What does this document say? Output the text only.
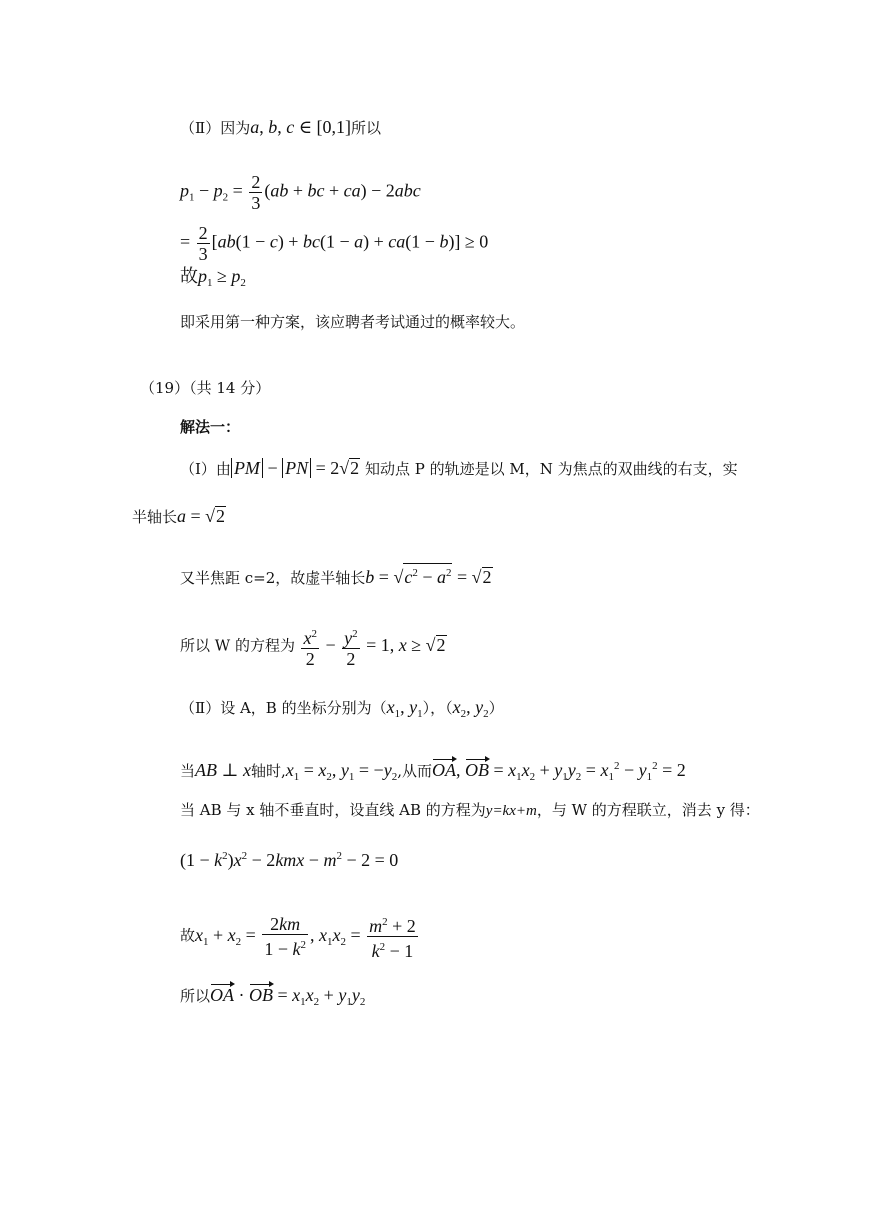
（Ⅱ）因为a, b, c ∈ [0,1]所以
$p_1 - p_2 = \frac{2}{3} (ab$ + bc + ca) − 2abc
= $\frac{2}{3} [ab(1 - c) + bc(1 - a) + ca(1 - b)] \ge 0$
故$p_1 \ge p_2$
即采用第一种方案，该应聘者考试通过的概率较大。
（19）（共 14 分）
解法一：
（Ⅰ）由 PM − PN = 2√2 知动点 P 的轨迹是以 M，N 为焦点的双曲线的右支，实
半轴长a = √2
又半焦距 c=2，故虚半轴长$b = √c^2 - a^2 = √2$
所以 W 的方程为 $\frac{x^2}{2} - \frac{y^2}{2} = 1$, x ≥ √2
（Ⅱ）设 A，B 的坐标分别为（$x_1$, $y_1$），（$x_2$, $y_2$）
当AB ⊥ x轴时$,x_1 = x_2$, $y_1 = -y_2$,从而OA, OB = $x_1x_2 + y_1y_2 = x_1^2 - y_1^2 = 2$
当 AB 与 x 轴不垂直时，设直线 AB 的方程为y=kx+m，与 W 的方程联立，消去 y 得：
$(1 - k^2)x^2 - 2kmx - m^2 - 2 = 0$
故$x_1 + x_2 = \frac{2km}{1 - k^2}$ , $x_1x_2 = \frac{m^2 + 2}{k^2 - 1}$
所以OA · OB = $x_1x_2 + y_1y_2$
